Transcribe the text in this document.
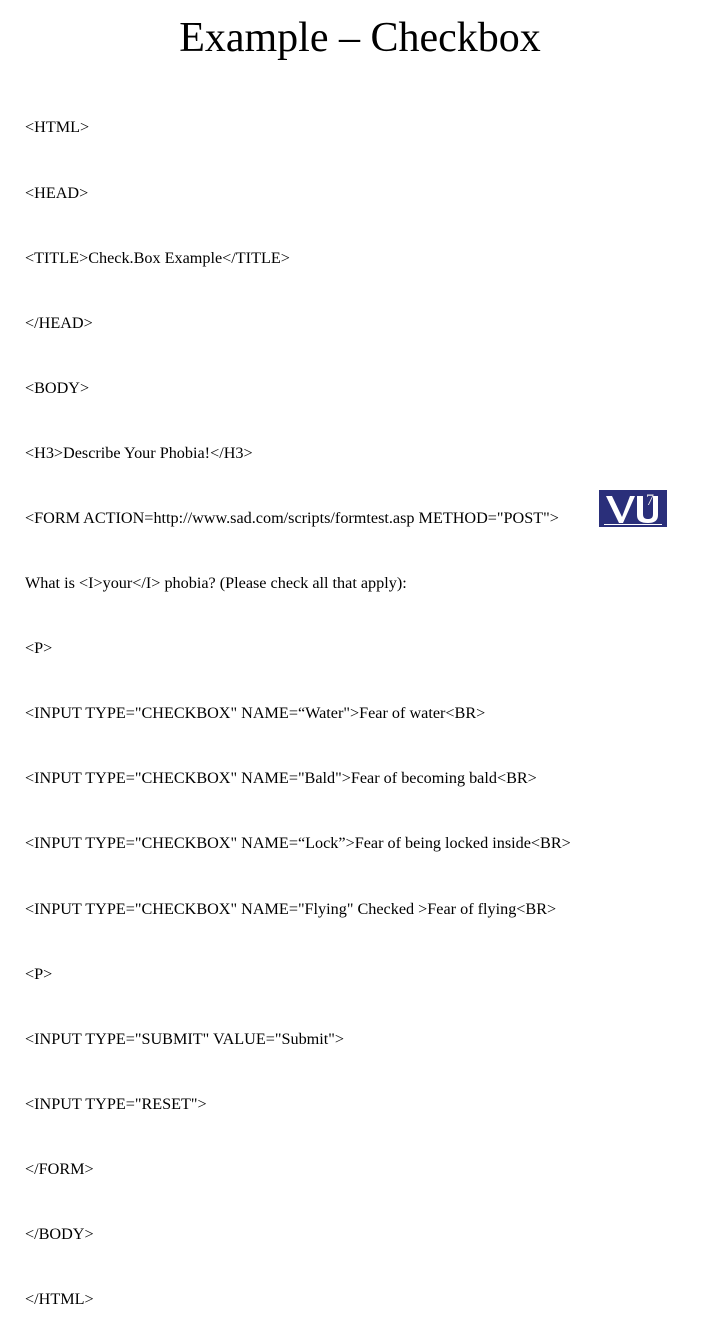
Example – Checkbox

<HTML>

<HEAD>

<TITLE>Check.Box Example</TITLE>

</HEAD>

<BODY>

<H3>Describe Your Phobia!</H3>

<FORM ACTION=http://www.sad.com/scripts/formtest.asp METHOD="POST">

What is <I>your</I> phobia? (Please check all that apply):

<P>

<INPUT TYPE="CHECKBOX" NAME=“Water">Fear of water<BR>

<INPUT TYPE="CHECKBOX" NAME="Bald">Fear of becoming bald<BR>

<INPUT TYPE="CHECKBOX" NAME=“Lock”>Fear of being locked inside<BR>

<INPUT TYPE="CHECKBOX" NAME="Flying" Checked >Fear of flying<BR>

<P>

<INPUT TYPE="SUBMIT" VALUE="Submit">

<INPUT TYPE="RESET">

</FORM>

</BODY>

</HTML>

7
